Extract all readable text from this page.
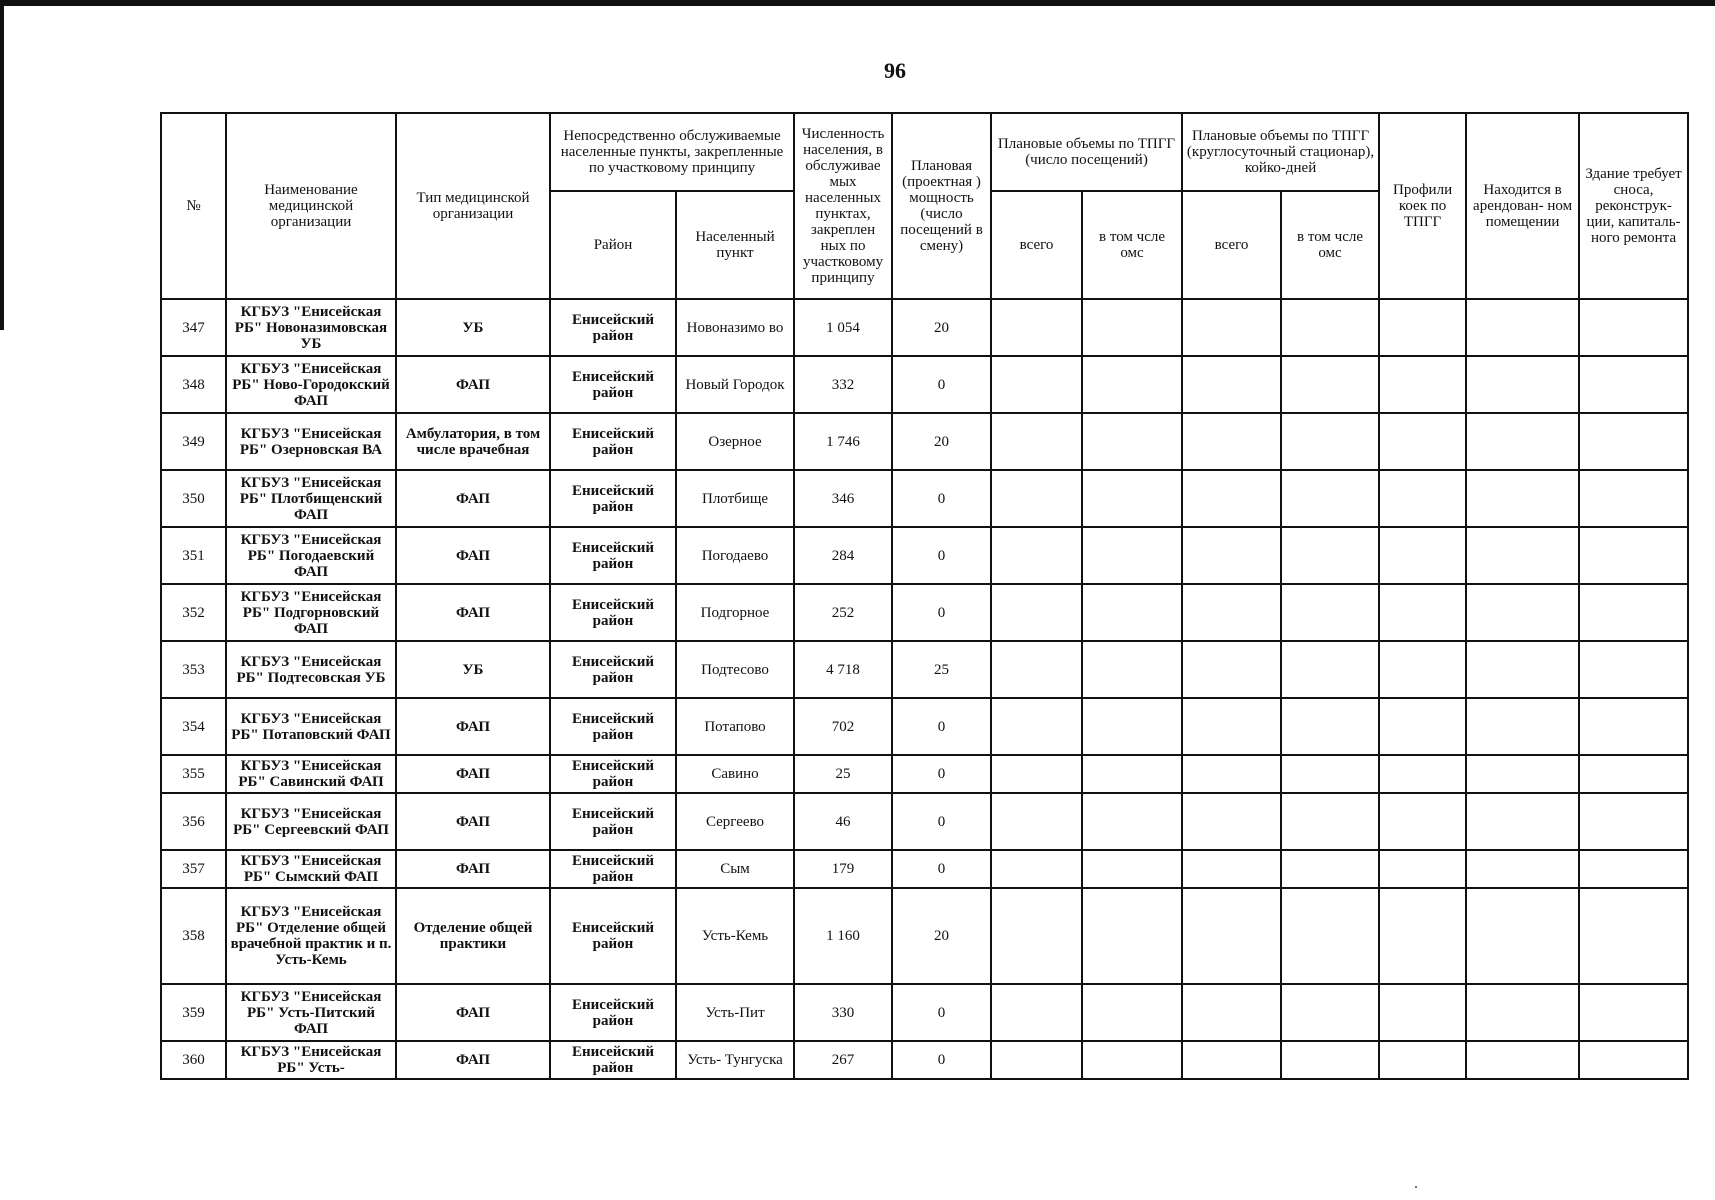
96
№	Наименование медицинской организации	Тип медицинской организации	Непосредственно обслуживаемые населенные пункты, закрепленные по участковому принципу		Численность населения, в обслуживае мых населенных пунктах, закреплен ных по участковому принципу	Плановая (проектная ) мощность (число посещений в смену)	Плановые объемы по ТПГГ (число посещений)		Плановые объемы по ТПГГ (круглосуточный стационар), койко-дней		Профили коек по ТПГГ	Находится в арендован- ном помещении	Здание требует сноса, реконструк- ции, капиталь- ного ремонта
			Район	Населенный пункт			всего	в том чсле омс	всего	в том чсле омс			
347	КГБУЗ "Енисейская РБ" Новоназимовская УБ	УБ	Енисейский район	Новоназимо во	1 054	20							
348	КГБУЗ "Енисейская РБ" Ново-Городокский ФАП	ФАП	Енисейский район	Новый Городок	332	0							
349	КГБУЗ "Енисейская РБ" Озерновская ВА	Амбулатория, в том числе врачебная	Енисейский район	Озерное	1 746	20							
350	КГБУЗ "Енисейская РБ" Плотбищенский ФАП	ФАП	Енисейский район	Плотбище	346	0							
351	КГБУЗ "Енисейская РБ" Погодаевский ФАП	ФАП	Енисейский район	Погодаево	284	0							
352	КГБУЗ "Енисейская РБ" Подгорновский ФАП	ФАП	Енисейский район	Подгорное	252	0							
353	КГБУЗ "Енисейская РБ" Подтесовская УБ	УБ	Енисейский район	Подтесово	4 718	25							
354	КГБУЗ "Енисейская РБ" Потаповский ФАП	ФАП	Енисейский район	Потапово	702	0							
355	КГБУЗ "Енисейская РБ" Савинский ФАП	ФАП	Енисейский район	Савино	25	0							
356	КГБУЗ "Енисейская РБ" Сергеевский ФАП	ФАП	Енисейский район	Сергеево	46	0							
357	КГБУЗ "Енисейская РБ" Сымский ФАП	ФАП	Енисейский район	Сым	179	0							
358	КГБУЗ "Енисейская РБ" Отделение общей врачебной практик и п. Усть-Кемь	Отделение общей практики	Енисейский район	Усть-Кемь	1 160	20							
359	КГБУЗ "Енисейская РБ" Усть-Питский ФАП	ФАП	Енисейский район	Усть-Пит	330	0							
360	КГБУЗ "Енисейская РБ" Усть-	ФАП	Енисейский район	Усть- Тунгуска	267	0							
